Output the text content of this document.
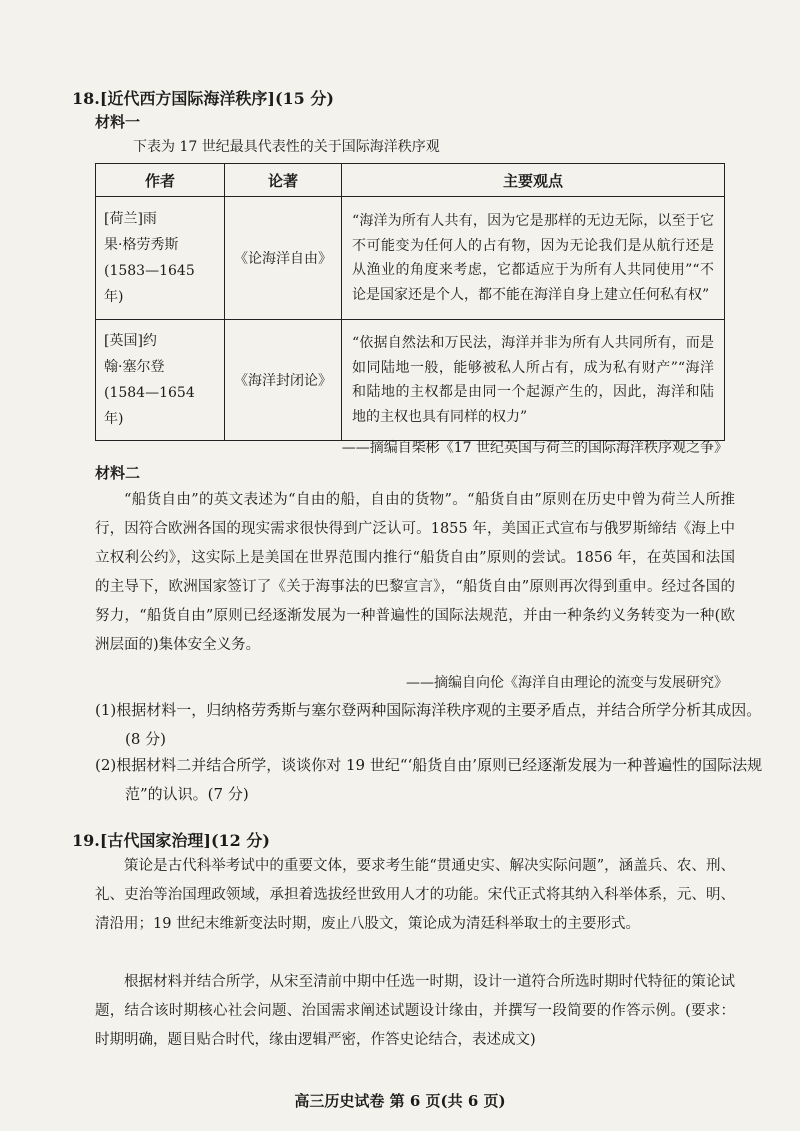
18.[近代西方国际海洋秩序](15 分)
材料一
下表为 17 世纪最具代表性的关于国际海洋秩序观
作者	论著	主要观点

[荷兰]雨
果·格劳秀斯
(1583—1645 年)	《论海洋自由》	“海洋为所有人共有，因为它是那样的无边无际，以至于它不可能变为任何人的占有物，因为无论我们是从航行还是从渔业的角度来考虑，它都适应于为所有人共同使用”“不论是国家还是个人，都不能在海洋自身上建立任何私有权”

[英国]约
翰·塞尔登
(1584—1654 年)	《海洋封闭论》	“依据自然法和万民法，海洋并非为所有人共同所有，而是如同陆地一般，能够被私人所占有，成为私有财产”“海洋和陆地的主权都是由同一个起源产生的，因此，海洋和陆地的主权也具有同样的权力”
——摘编自柴彬《17 世纪英国与荷兰的国际海洋秩序观之争》
材料二
“船货自由”的英文表述为“自由的船，自由的货物”。“船货自由”原则在历史中曾为荷兰人所推行，因符合欧洲各国的现实需求很快得到广泛认可。1855 年，美国正式宣布与俄罗斯缔结《海上中立权利公约》，这实际上是美国在世界范围内推行“船货自由”原则的尝试。1856 年，在英国和法国的主导下，欧洲国家签订了《关于海事法的巴黎宣言》，“船货自由”原则再次得到重申。经过各国的努力，“船货自由”原则已经逐渐发展为一种普遍性的国际法规范，并由一种条约义务转变为一种(欧洲层面的)集体安全义务。
——摘编自向伦《海洋自由理论的流变与发展研究》
(1)根据材料一，归纳格劳秀斯与塞尔登两种国际海洋秩序观的主要矛盾点，并结合所学分析其成因。(8 分)
(2)根据材料二并结合所学，谈谈你对 19 世纪“‘船货自由’原则已经逐渐发展为一种普遍性的国际法规范”的认识。(7 分)
19.[古代国家治理](12 分)
策论是古代科举考试中的重要文体，要求考生能“贯通史实、解决实际问题”，涵盖兵、农、刑、礼、吏治等治国理政领域，承担着选拔经世致用人才的功能。宋代正式将其纳入科举体系，元、明、清沿用；19 世纪末维新变法时期，废止八股文，策论成为清廷科举取士的主要形式。
根据材料并结合所学，从宋至清前中期中任选一时期，设计一道符合所选时期时代特征的策论试题，结合该时期核心社会问题、治国需求阐述试题设计缘由，并撰写一段简要的作答示例。(要求：时期明确，题目贴合时代，缘由逻辑严密，作答史论结合，表述成文)
高三历史试卷 第 6 页(共 6 页)
